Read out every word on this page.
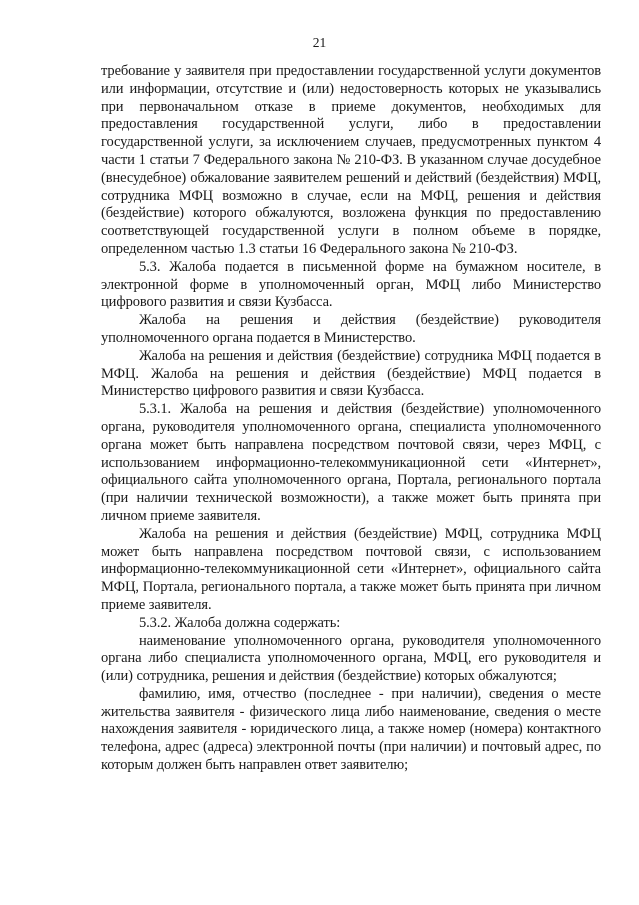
21

требование у заявителя при предоставлении государственной услуги документов или информации, отсутствие и (или) недостоверность которых не указывались при первоначальном отказе в приеме документов, необходимых для предоставления государственной услуги, либо в предоставлении государственной услуги, за исключением случаев, предусмотренных пунктом 4 части 1 статьи 7 Федерального закона № 210-ФЗ. В указанном случае досудебное (внесудебное) обжалование заявителем решений и действий (бездействия) МФЦ, сотрудника МФЦ возможно в случае, если на МФЦ, решения и действия (бездействие) которого обжалуются, возложена функция по предоставлению соответствующей государственной услуги в полном объеме в порядке, определенном частью 1.3 статьи 16 Федерального закона № 210-ФЗ.

5.3. Жалоба подается в письменной форме на бумажном носителе, в электронной форме в уполномоченный орган, МФЦ либо Министерство цифрового развития и связи Кузбасса.

Жалоба на решения и действия (бездействие) руководителя уполномоченного органа подается в Министерство.

Жалоба на решения и действия (бездействие) сотрудника МФЦ подается в МФЦ. Жалоба на решения и действия (бездействие) МФЦ подается в Министерство цифрового развития и связи Кузбасса.

5.3.1. Жалоба на решения и действия (бездействие) уполномоченного органа, руководителя уполномоченного органа, специалиста уполномоченного органа может быть направлена посредством почтовой связи, через МФЦ, с использованием информационно-телекоммуникационной сети «Интернет», официального сайта уполномоченного органа, Портала, регионального портала (при наличии технической возможности), а также может быть принята при личном приеме заявителя.

Жалоба на решения и действия (бездействие) МФЦ, сотрудника МФЦ может быть направлена посредством почтовой связи, с использованием информационно-телекоммуникационной сети «Интернет», официального сайта МФЦ, Портала, регионального портала, а также может быть принята при личном приеме заявителя.

5.3.2. Жалоба должна содержать:

наименование уполномоченного органа, руководителя уполномоченного органа либо специалиста уполномоченного органа, МФЦ, его руководителя и (или) сотрудника, решения и действия (бездействие) которых обжалуются;

фамилию, имя, отчество (последнее - при наличии), сведения о месте жительства заявителя - физического лица либо наименование, сведения о месте нахождения заявителя - юридического лица, а также номер (номера) контактного телефона, адрес (адреса) электронной почты (при наличии) и почтовый адрес, по которым должен быть направлен ответ заявителю;
